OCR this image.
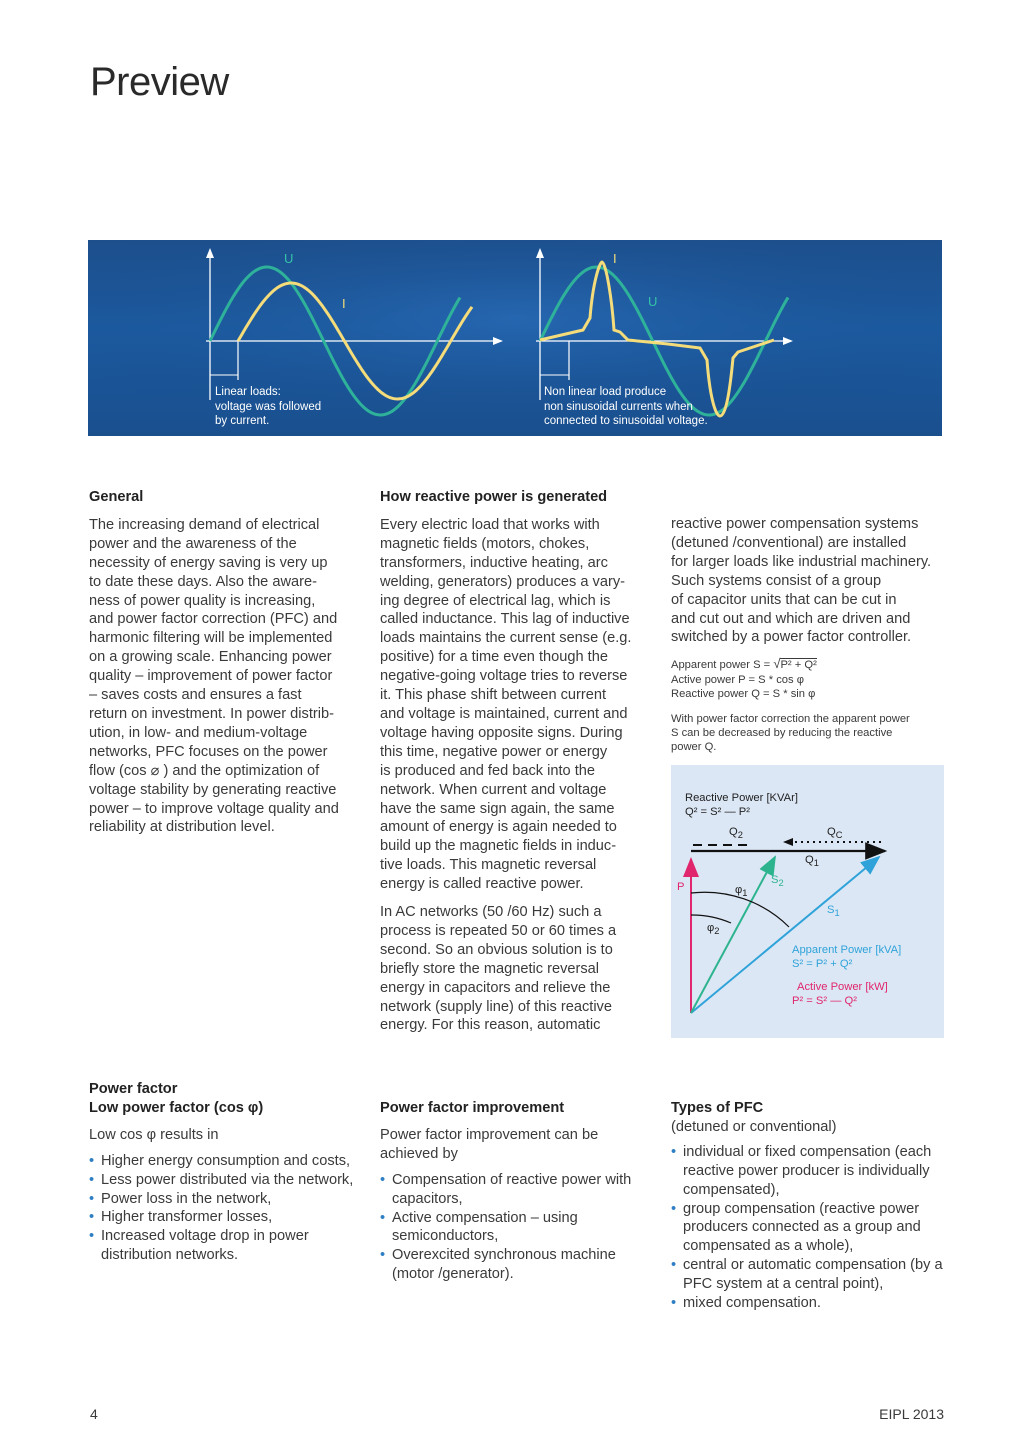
Preview
U
I
I
U
Linear loads:
voltage was followed
by current.
Non linear load produce
non sinusoidal currents when
connected to sinusoidal voltage.
General
The increasing demand of electrical
power and the awareness of the
necessity of energy saving is very up
to date these days. Also the aware-
ness of power quality is increasing,
and power factor correction (PFC) and
harmonic filtering will be implemented
on a growing scale. Enhancing power
quality – improvement of power factor
– saves costs and ensures a fast
return on investment. In power distrib-
ution, in low- and medium-voltage
networks, PFC focuses on the power
flow (cos ⌀ ) and the optimization of
voltage stability by generating reactive
power – to improve voltage quality and
reliability at distribution level.
How reactive power is generated
Every electric load that works with
magnetic fields (motors, chokes,
transformers, inductive heating, arc
welding, generators) produces a vary-
ing degree of electrical lag, which is
called inductance. This lag of inductive
loads maintains the current sense (e.g.
positive) for a time even though the
negative-going voltage tries to reverse
it. This phase shift between current
and voltage is maintained, current and
voltage having opposite signs. During
this time, negative power or energy
is produced and fed back into the
network. When current and voltage
have the same sign again, the same
amount of energy is again needed to
build up the magnetic fields in induc-
tive loads. This magnetic reversal
energy is called reactive power.
In AC networks (50 /60 Hz) such a
process is repeated 50 or 60 times a
second. So an obvious solution is to
briefly store the magnetic reversal
energy in capacitors and relieve the
network (supply line) of this reactive
energy. For this reason, automatic
reactive power compensation systems
(detuned /conventional) are installed
for larger loads like industrial machinery.
Such systems consist of a group
of capacitor units that can be cut in
and cut out and which are driven and
switched by a power factor controller.
Apparent power S = √P² + Q²
Active power P = S * cos φ
Reactive power Q = S * sin φ
With power factor correction the apparent power
S can be decreased by reducing the reactive
power Q.
Reactive Power [KVAr]
Q² = S² — P²
$Q_2$	$Q_C$
$Q_1$
P	$\varphi_1$
$\varphi_2$
$S_2$
$S_1$
Apparent Power [kVA]
S² = P² + Q²
Active Power [kW]
P² = S² — Q²
Power factor
Low power factor (cos φ)
Low cos φ results in
• Higher energy consumption and costs,
• Less power distributed via the network,
• Power loss in the network,
• Higher transformer losses,
• Increased voltage drop in power distribution networks.
Power factor improvement
Power factor improvement can be achieved by
• Compensation of reactive power with capacitors,
• Active compensation – using semiconductors,
• Overexcited synchronous machine (motor /generator).
Types of PFC
(detuned or conventional)
• individual or fixed compensation (each reactive power producer is individually compensated),
• group compensation (reactive power producers connected as a group and compensated as a whole),
• central or automatic compensation (by a PFC system at a central point),
• mixed compensation.
4	EIPL 2013
